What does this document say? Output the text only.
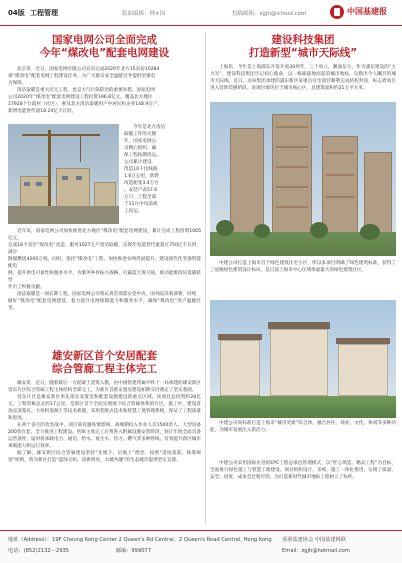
04版 工程管理	版面编辑：林×国	投稿邮箱：zgjh@icloud.com	中国基建报
国家电网公司全面完成
今年“煤改电”配套电网建设
北京讯　近日，国家电网有限公司宣布完成2020年北方15省份10284
项“煤改电”配套电网工程建设任务，为广大群众安全温暖过冬提供坚强电
力保障。
清洁取暖是重大民生工程，也是大气污染防治的重要举措。国家电网
公司2020年“煤改电”配套电网建设工程投资196.8亿元，覆盖北方地区
17928个行政村（社区），惠及北方清洁取暖用户中居民和企业148.9万户，
新增电能替代量18.24亿千瓦时。
今年是北方清洁
取暖工作的关键
年，国家电网公
司精心组织，确
保工程按期投运。
公司累计建设
改造10千伏线路
1.6万公里，新建
改造配变3.4万台
，安装户表57.6
万只，工程全部
于11月中旬前竣
工投运。
近年来，国家电网公司加快推进北方地区“煤改电”配套电网建设，累计完成工程投资1065亿元，
完成16个省区“煤改电”改造，服务1027万户清洁取暖，实现年电能替代量超过750亿千瓦时，减少
散煤燃烧4200万吨。同时，依托“煤改电”工程，加快推进农网巩固提升，建设现代化坚强智能配电
网，提升供电可靠性和服务水平，为服务乡村振兴战略、打赢蓝天保卫战、推动能源清洁低碳转型
作出了积极贡献。
清洁取暖是一项长期工程。国家电网公司将认真贯彻落实党中央、国务院决策部署，持续
做好“煤改电”配套电网建设，着力提升电网保障能力和服务水平，确保“煤改电”用户温暖过冬。
雄安新区首个安居配套
综合管廊工程主体完工

雄安讯　近日，随着最后一方混凝土浇筑入模，由中国铁建所属中铁十一局承建的雄安新区容东片区综合管廊工程主体结构全部完工，为新区首批安置房建设如期交付奠定了坚实基础。

容东片区是雄安新区率先落实安置房和配套设施建设的重点区域。该项目总投资约28亿元，工程管廊总长约17公里，是新区首个全面实现地下综合管廊体系的片区。施工中，建设者攻克深基坑、大体积混凝土等技术难题，采用装配式技术和智慧工地管理系统，保证了工程质量和进度。

在两个多月的攻坚战中，项目部克服疫情影响，高峰期投入作业人员1500余人、大型设备200余台套，全力推进工程建设。管廊主体完工后将进入附属设施安装阶段，预计年底全面具备运营条件，届时将承载电力、通信、给水、再生水、热力、燃气等多种管线，有效提升新区城市承载能力和运行效率。

据了解，雄安新区综合管廊建设坚持“先地下、后地上”理念，按照“适度超前、统筹规划”原则，将为新区打造“蓝绿交织、清新明亮、水城共融”的生态城市提供坚实支撑。

建设科技集团
打造新型“城市天际线”

上海讯　今年是上海浦东开发开放30周年，三十而立，潮涌东方。作为浦东建设的“主力军”，建设科技集团牢记初心使命，以一栋栋拔地而起的城市地标，勾勒出令人瞩目的城市天际线。近日，由该集团承建的浦东新区某重点住宅项目顺利完成结构封顶，标志着项目进入装饰装修阶段。该项目地块位于城市核心区，总建筑面积约21万平方米。

中建公司打造上海市首个绿色建筑住宅小区，所以本项目明确了绿色建筑标准，获得了三星级绿色建筑设计标识，是目前上海市中心区域体量最大的绿色建筑社区。

中建公司高标准打造上海市“城市更新”综合体，融合居住、商业、文化、休闲等多种功能，为城市发展注入新活力。

中建公司采用国际先进的EPC工程总承包管理模式，以“匠心筑造、精品工程”为目标，全面推行绿色施工与智慧工地建设。项目组织设计、采购、施工一体化推进，实现了质量、安全、进度、成本全过程可控，为打造新时代城市地标工程树立了标杆。

地址（Address）：19F Cheung Kong Center 2 Queen's Rd Central，2 Queen's Road Central, Hong Kong
电话：(852)2132－2935　　　　　　　　　邮编：999077
香港基建协会 中国基建网联
Email：zgjh@hotmail.com
